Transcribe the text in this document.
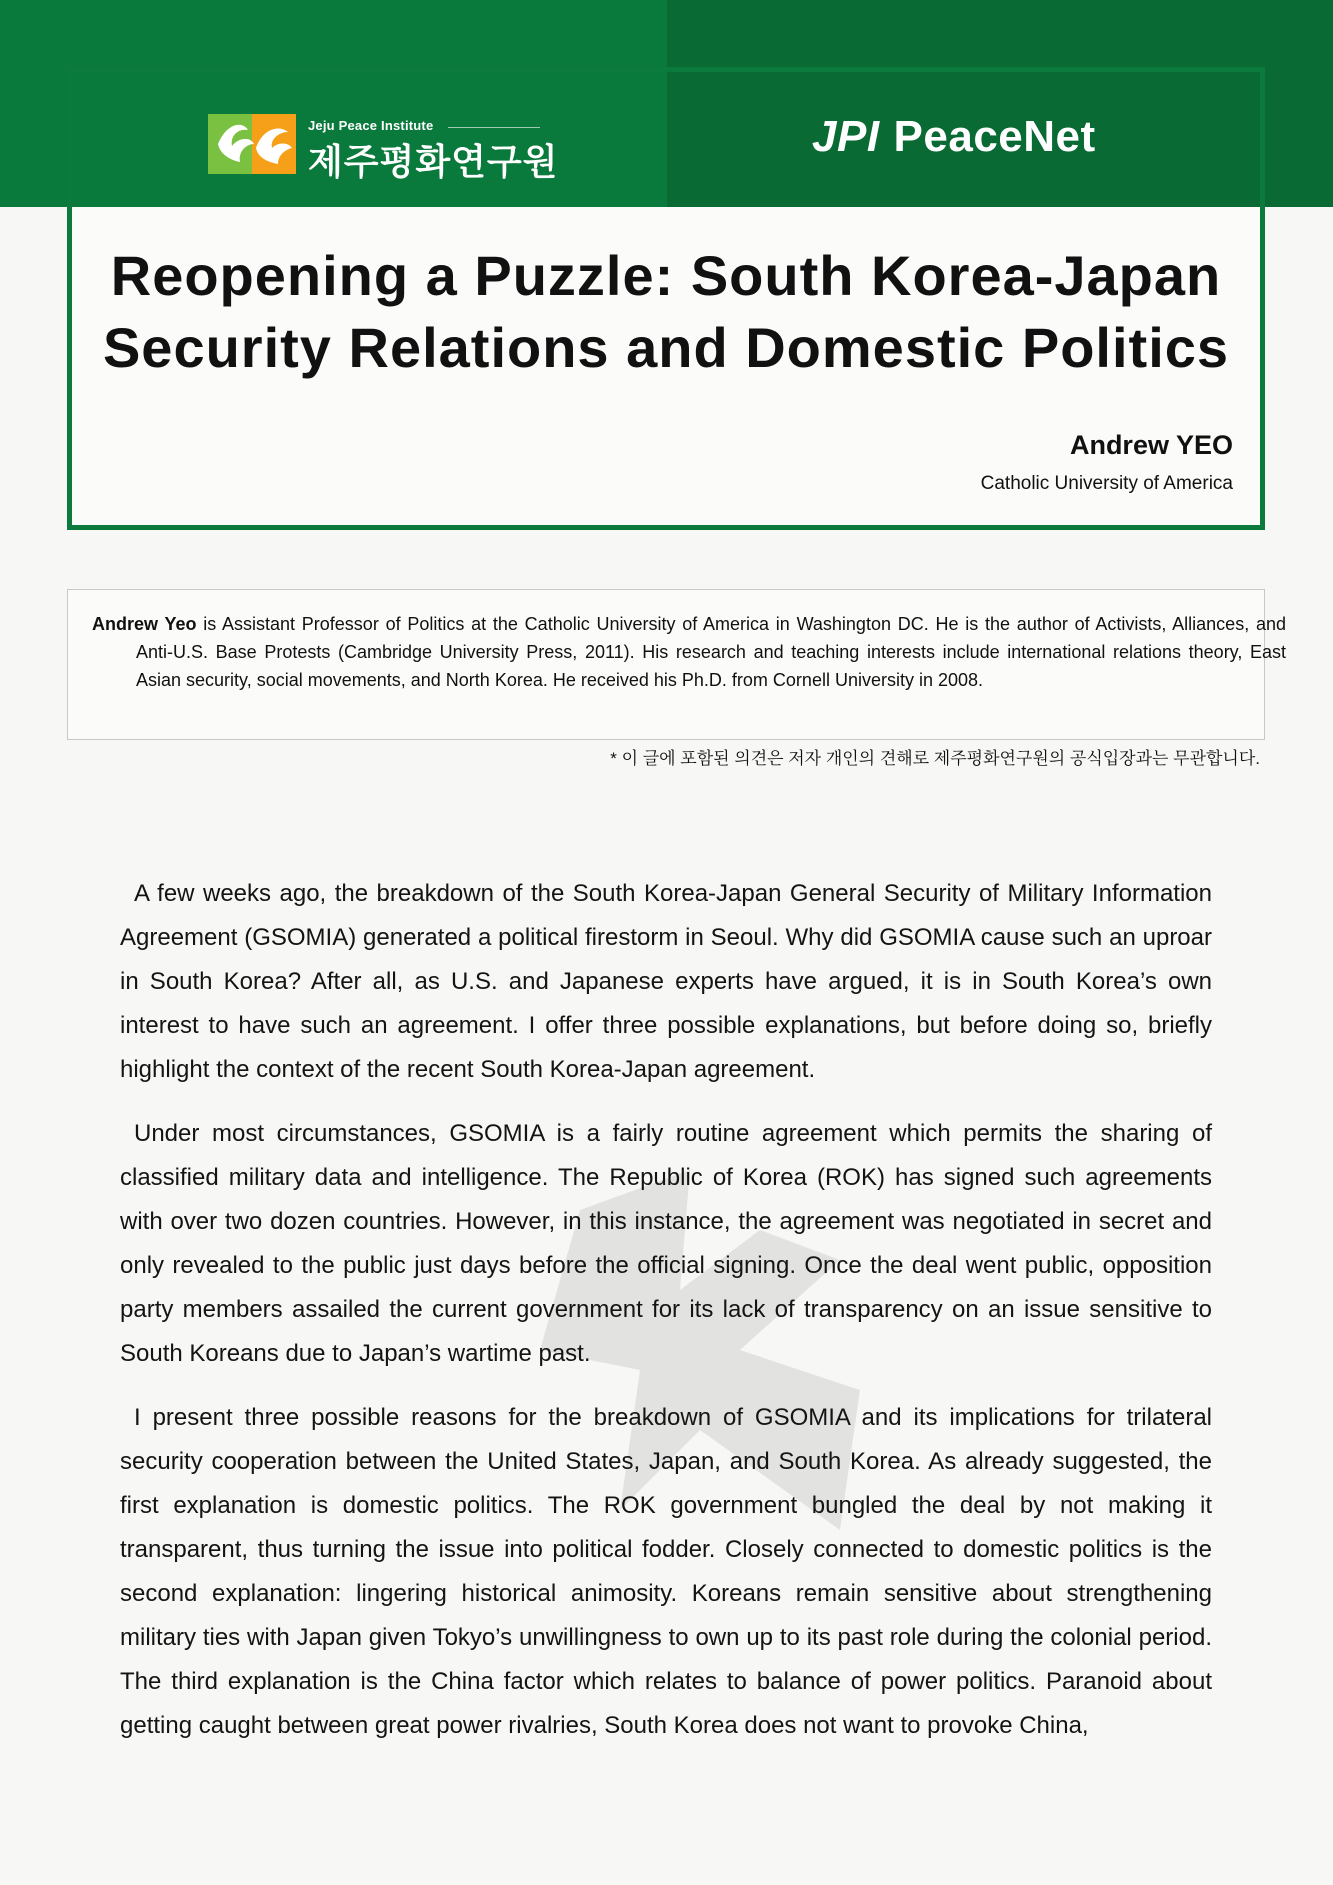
Jeju Peace Institute
제주평화연구원
JPI PeaceNet
Reopening a Puzzle: South Korea-Japan
Security Relations and Domestic Politics
Andrew YEO
Catholic University of America
Andrew Yeo is Assistant Professor of Politics at the Catholic University of America in Washington DC. He is the author of Activists, Alliances, and Anti-U.S. Base Protests (Cambridge University Press, 2011). His research and teaching interests include international relations theory, East Asian security, social movements, and North Korea. He received his Ph.D. from Cornell University in 2008.
* 이 글에 포함된 의견은 저자 개인의 견해로 제주평화연구원의 공식입장과는 무관합니다.

A few weeks ago, the breakdown of the South Korea-Japan General Security of Military Information Agreement (GSOMIA) generated a political firestorm in Seoul. Why did GSOMIA cause such an uproar in South Korea? After all, as U.S. and Japanese experts have argued, it is in South Korea’s own interest to have such an agreement. I offer three possible explanations, but before doing so, briefly highlight the context of the recent South Korea-Japan agreement.

Under most circumstances, GSOMIA is a fairly routine agreement which permits the sharing of classified military data and intelligence. The Republic of Korea (ROK) has signed such agreements with over two dozen countries. However, in this instance, the agreement was negotiated in secret and only revealed to the public just days before the official signing. Once the deal went public, opposition party members assailed the current government for its lack of transparency on an issue sensitive to South Koreans due to Japan’s wartime past.

I present three possible reasons for the breakdown of GSOMIA and its implications for trilateral security cooperation between the United States, Japan, and South Korea. As already suggested, the first explanation is domestic politics. The ROK government bungled the deal by not making it transparent, thus turning the issue into political fodder. Closely connected to domestic politics is the second explanation: lingering historical animosity. Koreans remain sensitive about strengthening military ties with Japan given Tokyo’s unwillingness to own up to its past role during the colonial period. The third explanation is the China factor which relates to balance of power politics. Paranoid about getting caught between great power rivalries, South Korea does not want to provoke China,
